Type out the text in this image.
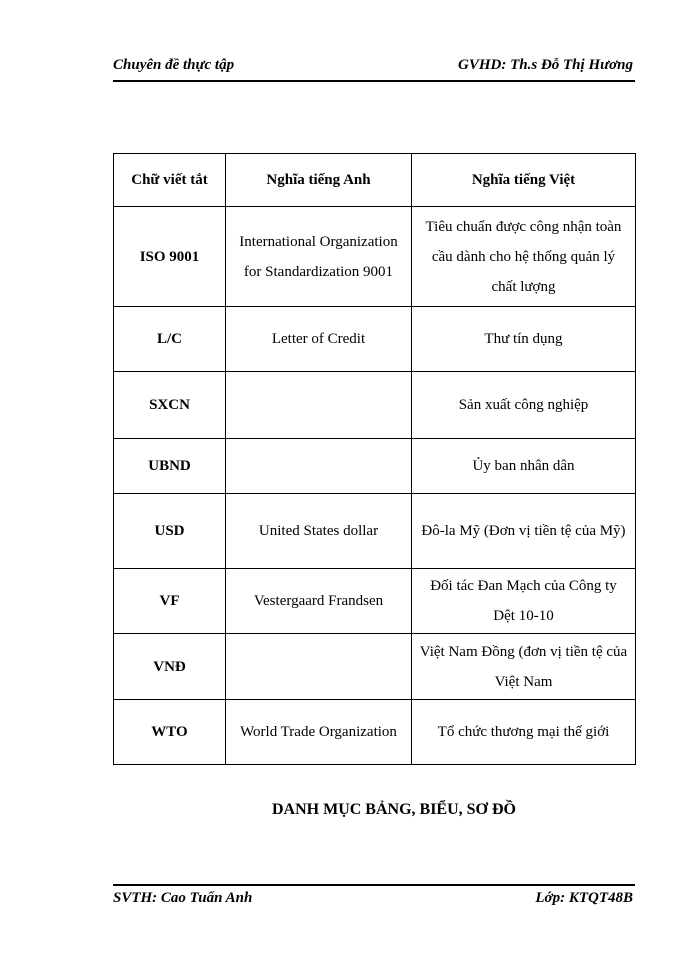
Chuyên đề thực tập	GVHD: Th.s Đỗ Thị Hương
Chữ viết tắt	Nghĩa tiếng Anh	Nghĩa tiếng Việt
ISO 9001	International Organization for Standardization 9001	Tiêu chuẩn được công nhận toàn cầu dành cho hệ thống quản lý chất lượng
L/C	Letter of Credit	Thư tín dụng
SXCN		Sản xuất công nghiệp
UBND		Ủy ban nhân dân
USD	United States dollar	Đô-la Mỹ (Đơn vị tiền tệ của Mỹ)
VF	Vestergaard Frandsen	Đối tác Đan Mạch của Công ty Dệt 10-10
VNĐ		Việt Nam Đồng (đơn vị tiền tệ của Việt Nam
WTO	World Trade Organization	Tổ chức thương mại thế giới
DANH MỤC BẢNG, BIỂU, SƠ ĐỒ
SVTH: Cao Tuấn Anh	Lớp: KTQT48B
